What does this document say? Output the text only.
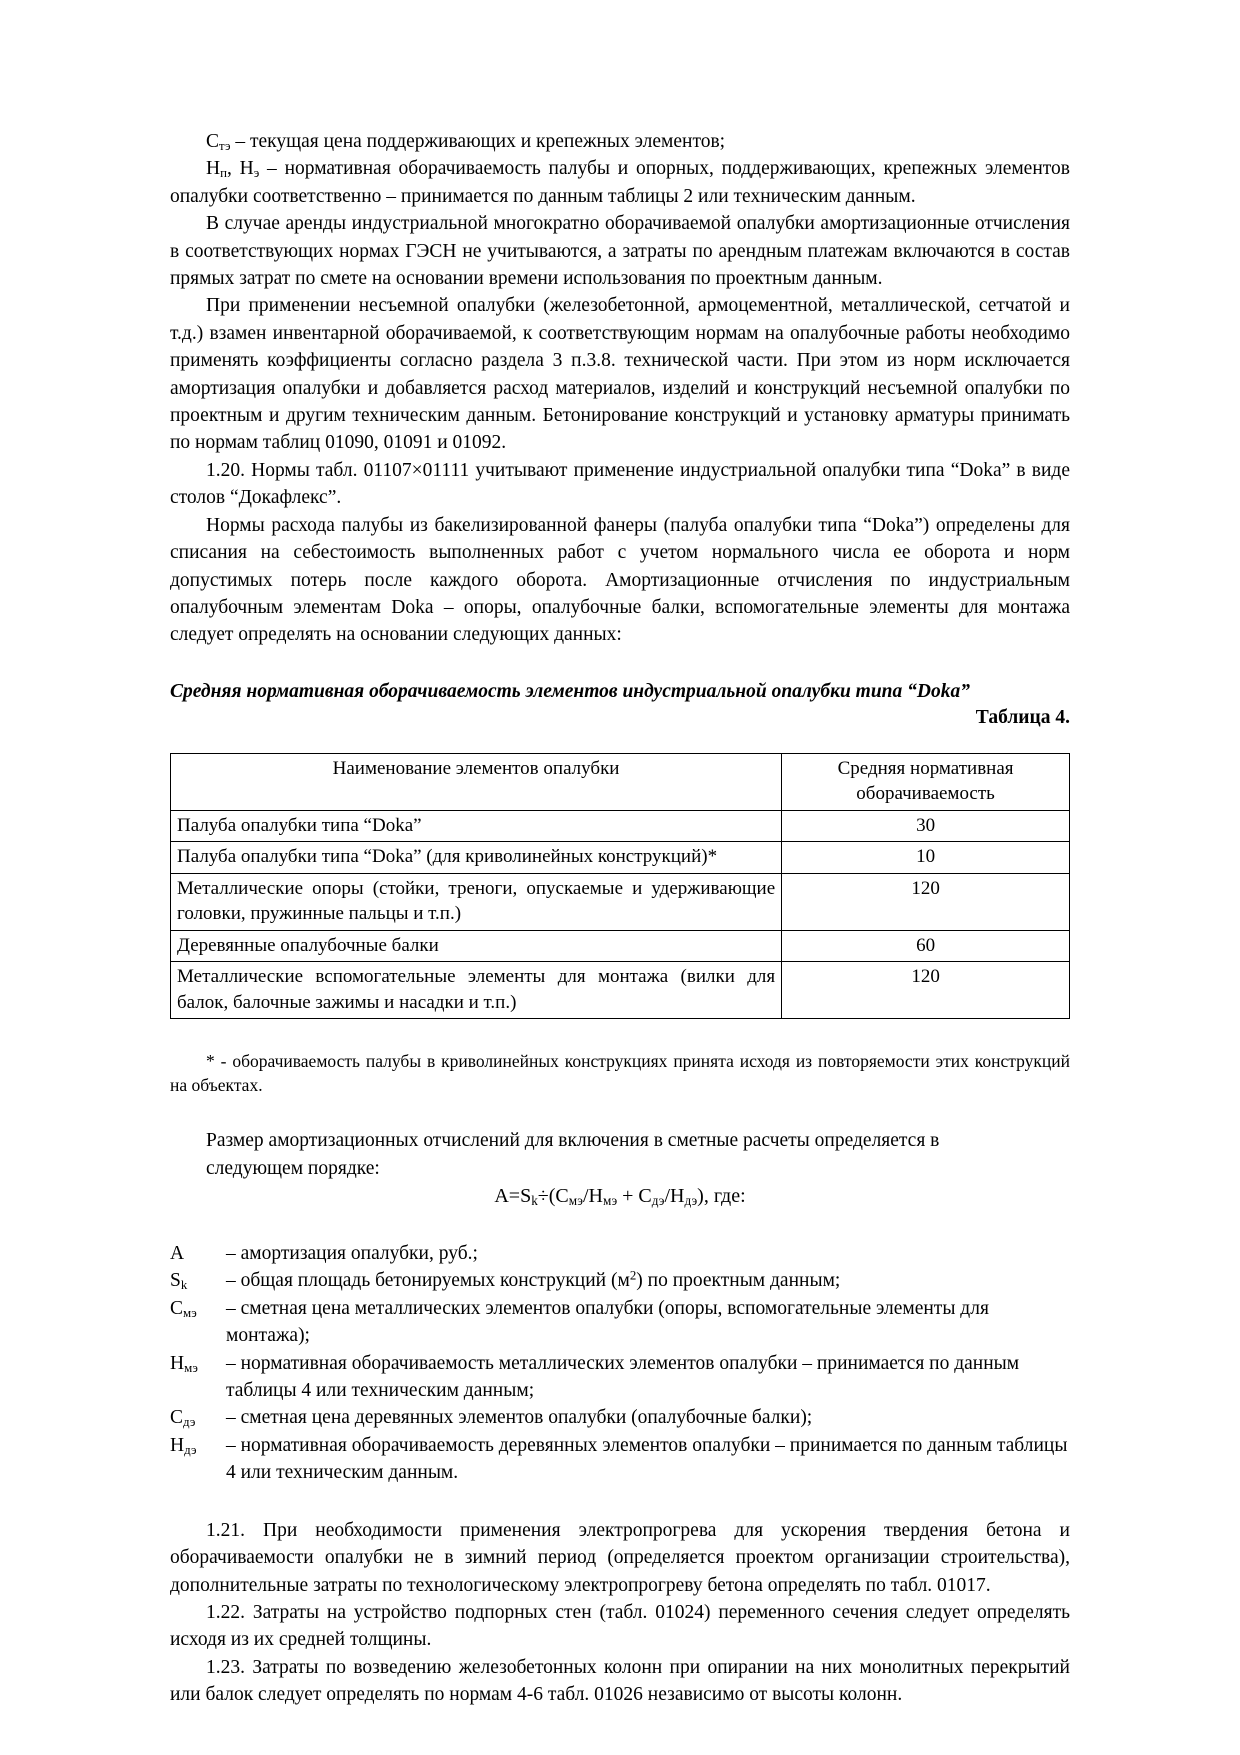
$С_{тэ}$ – текущая цена поддерживающих и крепежных элементов;

$Н_п$, $Н_э$ – нормативная оборачиваемость палубы и опорных, поддерживающих, крепежных элементов опалубки соответственно – принимается по данным таблицы 2 или техническим данным.

В случае аренды индустриальной многократно оборачиваемой опалубки амортизационные отчисления в соответствующих нормах ГЭСН не учитываются, а затраты по арендным платежам включаются в состав прямых затрат по смете на основании времени использования по проектным данным.

При применении несъемной опалубки (железобетонной, армоцементной, металлической, сетчатой и т.д.) взамен инвентарной оборачиваемой, к соответствующим нормам на опалубочные работы необходимо применять коэффициенты согласно раздела 3 п.3.8. технической части. При этом из норм исключается амортизация опалубки и добавляется расход материалов, изделий и конструкций несъемной опалубки по проектным и другим техническим данным. Бетонирование конструкций и установку арматуры принимать по нормам таблиц 01090, 01091 и 01092.

1.20. Нормы табл. 01107×01111 учитывают применение индустриальной опалубки типа “Doka” в виде столов “Докафлекс”.

Нормы расхода палубы из бакелизированной фанеры (палуба опалубки типа “Doka”) определены для списания на себестоимость выполненных работ с учетом нормального числа ее оборота и норм допустимых потерь после каждого оборота. Амортизационные отчисления по индустриальным опалубочным элементам Doka – опоры, опалубочные балки, вспомогательные элементы для монтажа следует определять на основании следующих данных:

Средняя нормативная оборачиваемость элементов индустриальной опалубки типа “Doka”
Таблица 4.
Наименование элементов опалубки	Средняя нормативная оборачиваемость
Палуба опалубки типа “Doka”	30
Палуба опалубки типа “Doka” (для криволинейных конструкций)*	10
Металлические опоры (стойки, треноги, опускаемые и удерживающие головки, пружинные пальцы и т.п.)	120
Деревянные опалубочные балки	60
Металлические вспомогательные элементы для монтажа (вилки для балок, балочные зажимы и насадки и т.п.)	120

* - оборачиваемость палубы в криволинейных конструкциях принята исходя из повторяемости этих конструкций на объектах.

Размер амортизационных отчислений для включения в сметные расчеты определяется в
следующем порядке:

$A=S_k\div(С_{мэ}/Н_{мэ} + С_{дэ}/Н_{дэ})$, где:

A	– амортизация опалубки, руб.;
$S_k$	– общая площадь бетонируемых конструкций $(м^2)$ по проектным данным;
$С_{мэ}$	– сметная цена металлических элементов опалубки (опоры, вспомогательные элементы для монтажа);
$Н_{мэ}$	– нормативная оборачиваемость металлических элементов опалубки – принимается по данным таблицы 4 или техническим данным;
$С_{дэ}$	– сметная цена деревянных элементов опалубки (опалубочные балки);
$Н_{дэ}$	– нормативная оборачиваемость деревянных элементов опалубки – принимается по данным таблицы 4 или техническим данным.

1.21. При необходимости применения электропрогрева для ускорения твердения бетона и оборачиваемости опалубки не в зимний период (определяется проектом организации строительства), дополнительные затраты по технологическому электропрогреву бетона определять по табл. 01017.

1.22. Затраты на устройство подпорных стен (табл. 01024) переменного сечения следует определять исходя из их средней толщины.

1.23. Затраты по возведению железобетонных колонн при опирании на них монолитных перекрытий или балок следует определять по нормам 4-6 табл. 01026 независимо от высоты колонн.
